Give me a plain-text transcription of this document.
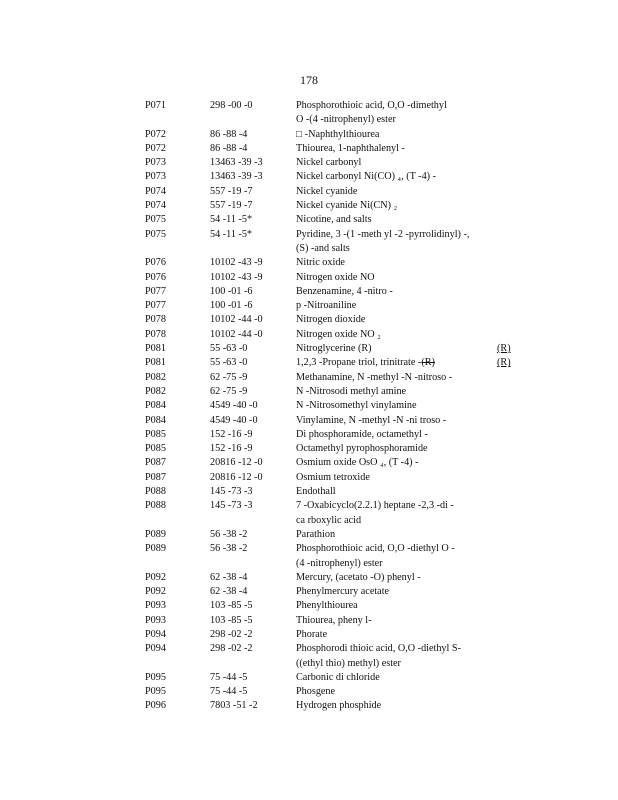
178
P071	298 -00 -0	Phosphorothioic acid, O,O -dimethyl
O -(4 -nitrophenyl) ester
P072	86 -88 -4	□ -Naphthylthiourea
P072	86 -88 -4	Thiourea, 1-naphthalenyl -
P073	13463 -39 -3	Nickel carbonyl
P073	13463 -39 -3	Nickel carbonyl Ni(CO) ₄, (T -4) -
P074	557 -19 -7	Nickel cyanide
P074	557 -19 -7	Nickel cyanide Ni(CN) ₂
P075	54 -11 -5*	Nicotine, and salts
P075	54 -11 -5*	Pyridine, 3 -(1 -meth yl -2 -pyrrolidinyl) -,
(S) -and salts
P076	10102 -43 -9	Nitric oxide
P076	10102 -43 -9	Nitrogen oxide NO
P077	100 -01 -6	Benzenamine, 4 -nitro -
P077	100 -01 -6	p -Nitroaniline
P078	10102 -44 -0	Nitrogen dioxide
P078	10102 -44 -0	Nitrogen oxide NO ₂
P081	55 -63 -0	Nitroglycerine (R)	(R)
P081	55 -63 -0	1,2,3 -Propane triol, trinitrate -(R)	(R)
P082	62 -75 -9	Methanamine, N -methyl -N -nitroso -
P082	62 -75 -9	N -Nitrosodi methyl amine
P084	4549 -40 -0	N -Nitrosomethyl vinylamine
P084	4549 -40 -0	Vinylamine, N -methyl -N -ni troso -
P085	152 -16 -9	Di phosphoramide, octamethyl -
P085	152 -16 -9	Octamethyl pyrophosphoramide
P087	20816 -12 -0	Osmium oxide OsO ₄, (T -4) -
P087	20816 -12 -0	Osmium tetroxide
P088	145 -73 -3	Endothall
P088	145 -73 -3	7 -Oxabicyclo(2.2.1) heptane -2,3 -di -
ca rboxylic acid
P089	56 -38 -2	Parathion
P089	56 -38 -2	Phosphorothioic acid, O,O -diethyl O -
(4 -nitrophenyl) ester
P092	62 -38 -4	Mercury, (acetato -O) phenyl -
P092	62 -38 -4	Phenylmercury acetate
P093	103 -85 -5	Phenylthiourea
P093	103 -85 -5	Thiourea, pheny l-
P094	298 -02 -2	Phorate
P094	298 -02 -2	Phosphorodi thioic acid, O,O -diethyl S-
((ethyl thio) methyl) ester
P095	75 -44 -5	Carbonic di chloride
P095	75 -44 -5	Phosgene
P096	7803 -51 -2	Hydrogen phosphide
